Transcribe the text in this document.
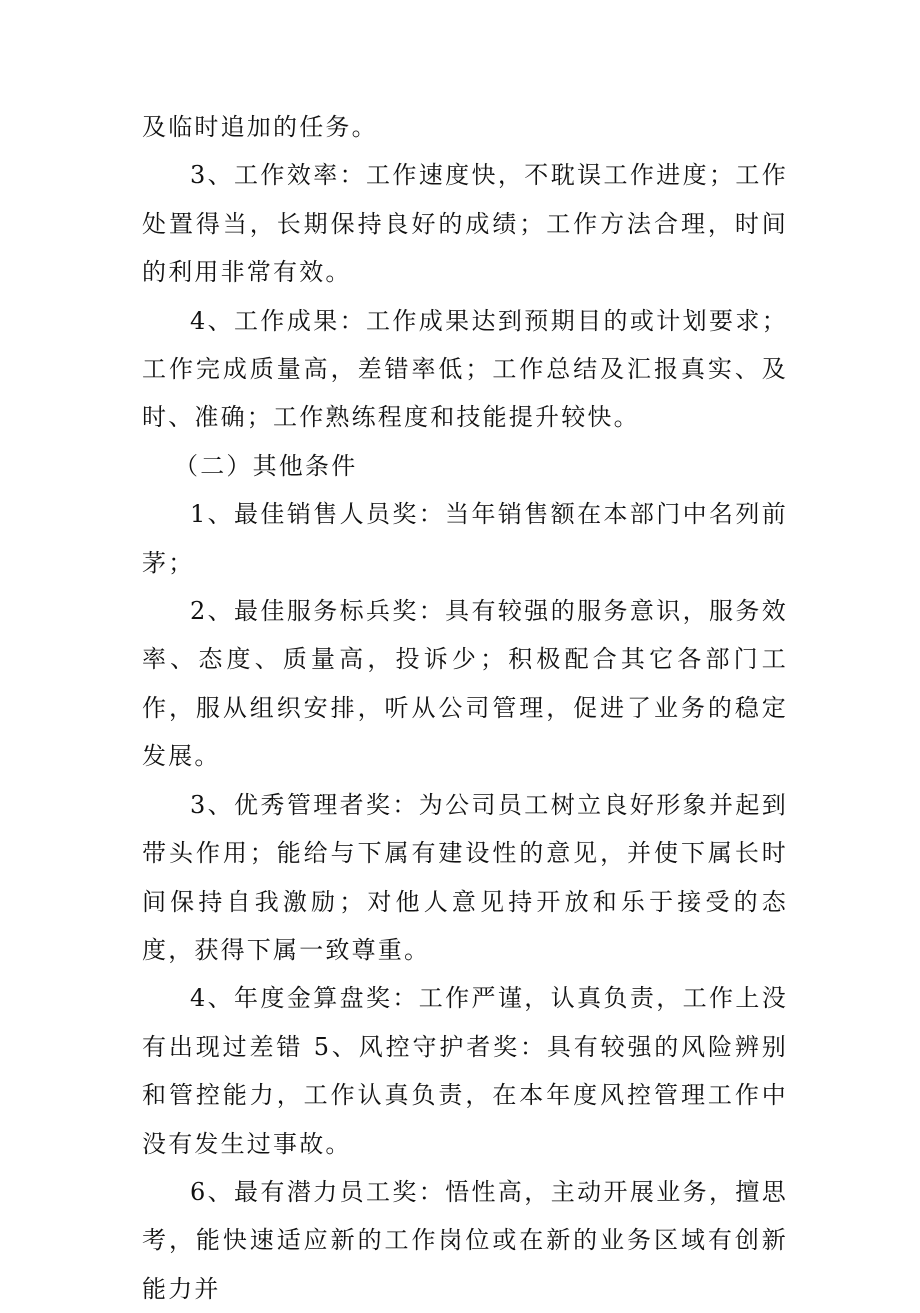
及临时追加的任务。

3、工作效率：工作速度快，不耽误工作进度；工作处置得当，长期保持良好的成绩；工作方法合理，时间的利用非常有效。

4、工作成果：工作成果达到预期目的或计划要求；工作完成质量高，差错率低；工作总结及汇报真实、及时、准确；工作熟练程度和技能提升较快。

（二）其他条件

1、最佳销售人员奖：当年销售额在本部门中名列前茅；

2、最佳服务标兵奖：具有较强的服务意识，服务效率、态度、质量高，投诉少；积极配合其它各部门工作，服从组织安排，听从公司管理，促进了业务的稳定发展。

3、优秀管理者奖：为公司员工树立良好形象并起到带头作用；能给与下属有建设性的意见，并使下属长时间保持自我激励；对他人意见持开放和乐于接受的态度，获得下属一致尊重。

4、年度金算盘奖：工作严谨，认真负责，工作上没有出现过差错 5、风控守护者奖：具有较强的风险辨别和管控能力，工作认真负责，在本年度风控管理工作中没有发生过事故。

6、最有潜力员工奖：悟性高，主动开展业务，擅思考，能快速适应新的工作岗位或在新的业务区域有创新能力并
